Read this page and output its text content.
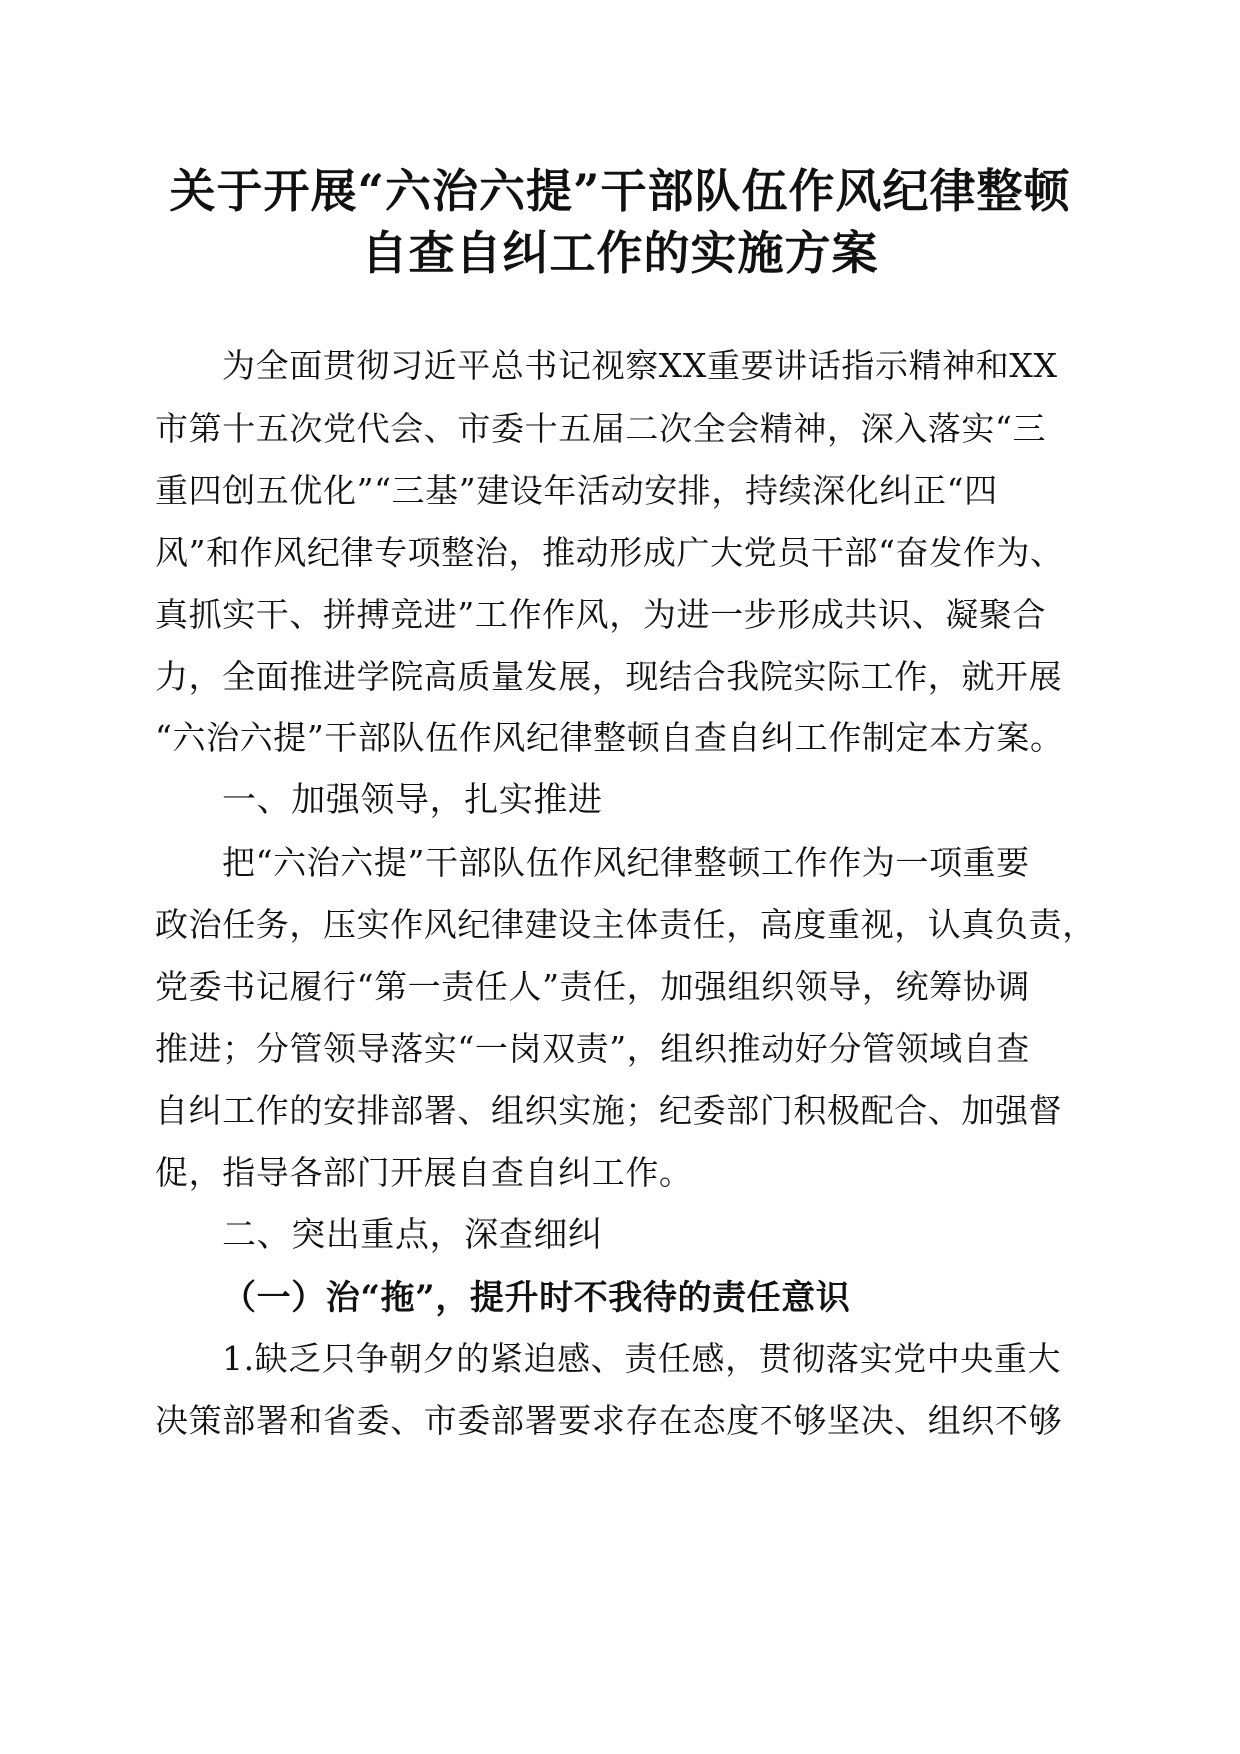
关于开展“六治六提”干部队伍作风纪律整顿
自查自纠工作的实施方案
为全面贯彻习近平总书记视察XX重要讲话指示精神和XX
市第十五次党代会、市委十五届二次全会精神，深入落实“三
重四创五优化”“三基”建设年活动安排，持续深化纠正“四
风”和作风纪律专项整治，推动形成广大党员干部“奋发作为、
真抓实干、拼搏竞进”工作作风，为进一步形成共识、凝聚合
力，全面推进学院高质量发展，现结合我院实际工作，就开展
“六治六提”干部队伍作风纪律整顿自查自纠工作制定本方案。
一、加强领导，扎实推进
把“六治六提”干部队伍作风纪律整顿工作作为一项重要
政治任务，压实作风纪律建设主体责任，高度重视，认真负责，
党委书记履行“第一责任人”责任，加强组织领导，统筹协调
推进；分管领导落实“一岗双责”，组织推动好分管领域自查
自纠工作的安排部署、组织实施；纪委部门积极配合、加强督
促，指导各部门开展自查自纠工作。
二、突出重点，深查细纠
（一）治“拖”，提升时不我待的责任意识
1.缺乏只争朝夕的紧迫感、责任感，贯彻落实党中央重大
决策部署和省委、市委部署要求存在态度不够坚决、组织不够
